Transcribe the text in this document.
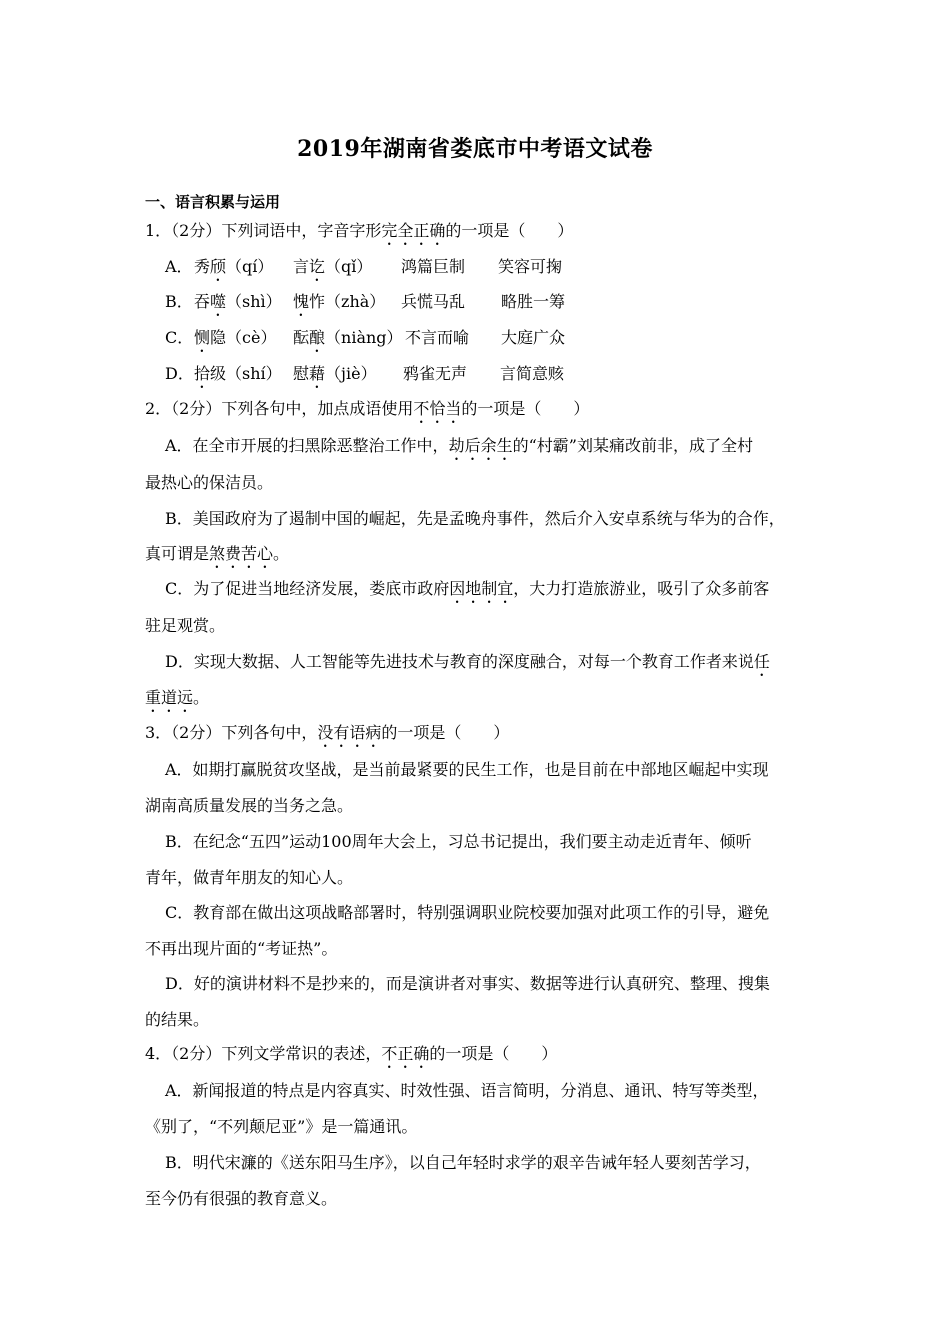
2019年湖南省娄底市中考语文试卷
一、语言积累与运用
1．（2分）下列词语中，字音字形完全正确的一项是（　　）
A． 秀颀（qí） 言讫（qǐ） 鸿篇巨制 笑容可掬
B． 吞噬（shì） 愧怍（zhà） 兵慌马乱 略胜一筹
C． 恻隐（cè） 酝酿（niàng） 不言而喻 大庭广众
D． 拾级（shí） 慰藉（jiè） 鸦雀无声 言简意赅
2．（2分）下列各句中，加点成语使用不恰当的一项是（　　）
A．在全市开展的扫黑除恶整治工作中，劫后余生的“村霸”刘某痛改前非，成了全村
最热心的保洁员。
B．美国政府为了遏制中国的崛起，先是孟晚舟事件，然后介入安卓系统与华为的合作，
真可谓是煞费苦心。
C．为了促进当地经济发展，娄底市政府因地制宜，大力打造旅游业，吸引了众多前客
驻足观赏。
D．实现大数据、人工智能等先进技术与教育的深度融合，对每一个教育工作者来说任
重道远。
3．（2分）下列各句中，没有语病的一项是（　　）
A．如期打赢脱贫攻坚战，是当前最紧要的民生工作，也是目前在中部地区崛起中实现
湖南高质量发展的当务之急。
B．在纪念“五四”运动100周年大会上，习总书记提出，我们要主动走近青年、倾听
青年，做青年朋友的知心人。
C．教育部在做出这项战略部署时，特别强调职业院校要加强对此项工作的引导，避免
不再出现片面的“考证热”。
D．好的演讲材料不是抄来的，而是演讲者对事实、数据等进行认真研究、整理、搜集
的结果。
4．（2分）下列文学常识的表述，不正确的一项是（　　）
A．新闻报道的特点是内容真实、时效性强、语言简明，分消息、通讯、特写等类型，
《别了，“不列颠尼亚”》是一篇通讯。
B．明代宋濂的《送东阳马生序》，以自己年轻时求学的艰辛告诫年轻人要刻苦学习，
至今仍有很强的教育意义。
